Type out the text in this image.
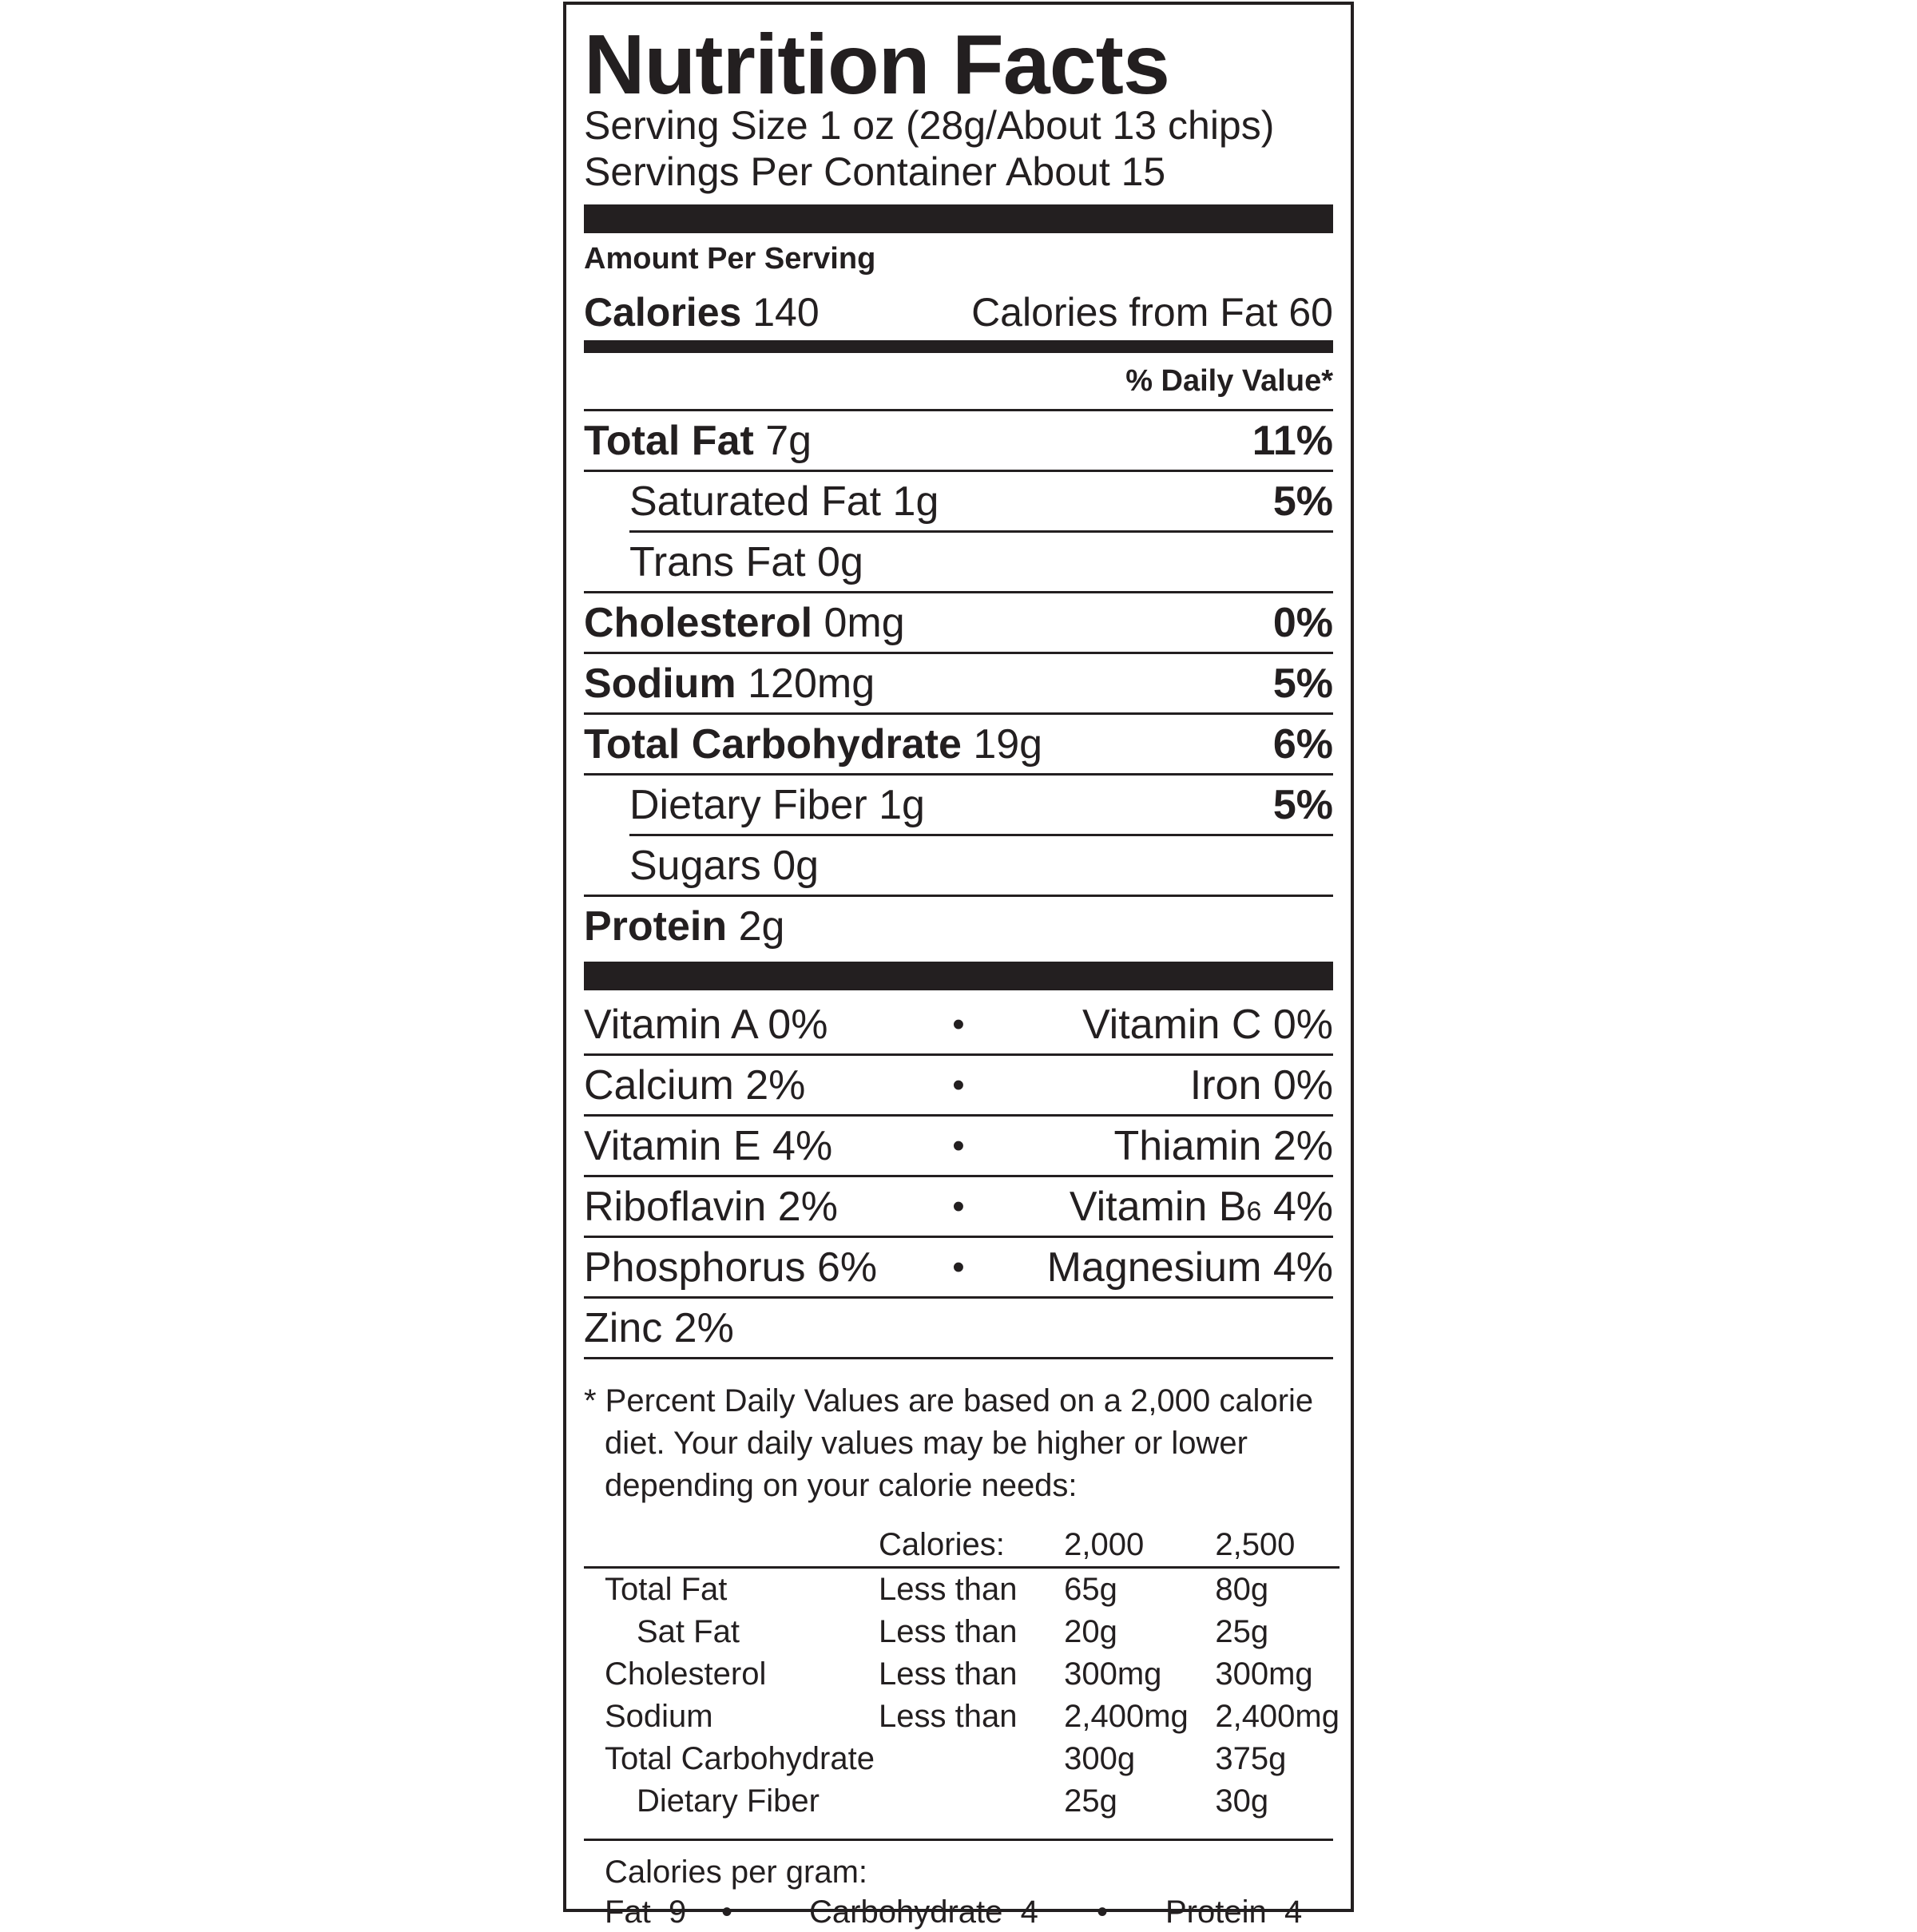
Nutrition Facts
Serving Size 1 oz (28g/About 13 chips)
Servings Per Container About 15
Amount Per Serving
Calories 140	Calories from Fat 60
% Daily Value*
Total Fat 7g	11%
Saturated Fat 1g	5%
Trans Fat 0g
Cholesterol 0mg	0%
Sodium 120mg	5%
Total Carbohydrate 19g	6%
Dietary Fiber 1g	5%
Sugars 0g
Protein 2g
Vitamin A 0%	•	Vitamin C 0%
Calcium 2%	•	Iron 0%
Vitamin E 4%	•	Thiamin 2%
Riboflavin 2%	•	Vitamin B6 4%
Phosphorus 6%	•	Magnesium 4%
Zinc 2%
* Percent Daily Values are based on a 2,000 calorie
diet. Your daily values may be higher or lower
depending on your calorie needs:
	Calories:	2,000	2,500
Total Fat	Less than	65g	80g
Sat Fat	Less than	20g	25g
Cholesterol	Less than	300mg	300mg
Sodium	Less than	2,400mg	2,400mg
Total Carbohydrate		300g	375g
Dietary Fiber		25g	30g
Calories per gram:
Fat  9	•	Carbohydrate  4	•	Protein  4
